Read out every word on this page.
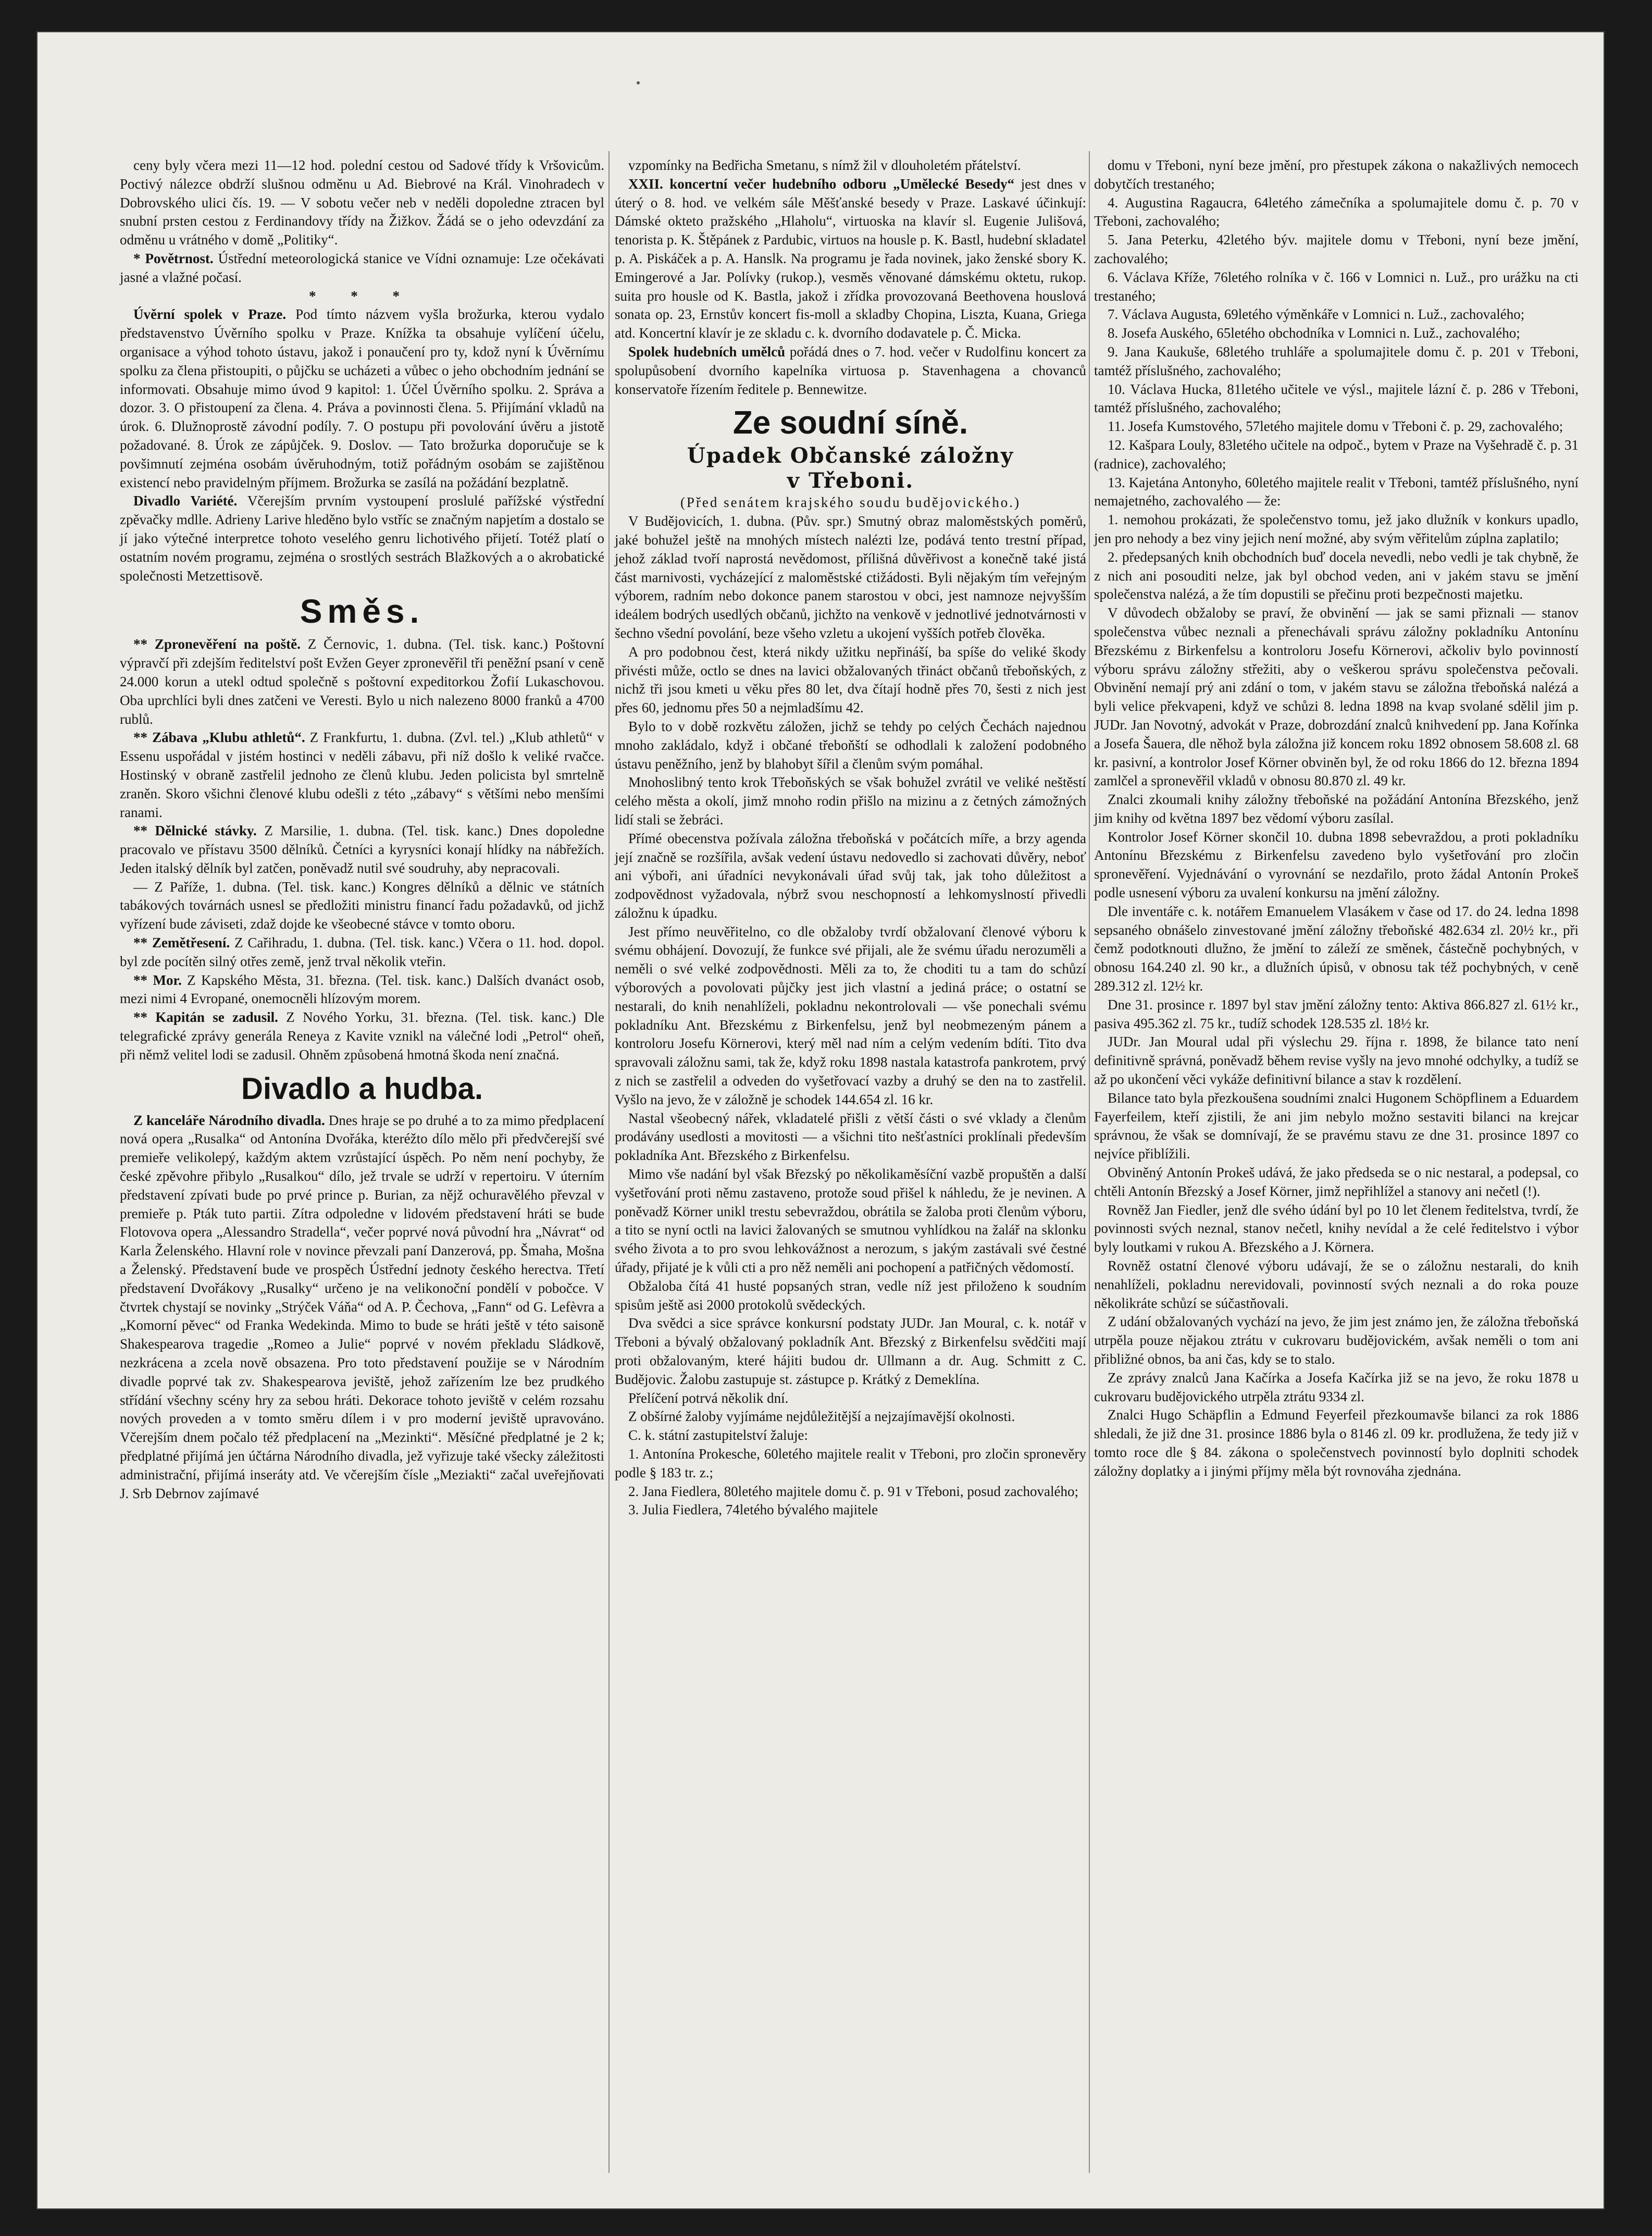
ceny byly včera mezi 11—12 hod. polední cestou od Sadové třídy k Vršovicům. Poctivý nálezce obdrží slušnou odměnu u Ad. Biebrové na Král. Vinohradech v Dobrovského ulici čís. 19. — V sobotu večer neb v neděli dopoledne ztracen byl snubní prsten cestou z Ferdinandovy třídy na Žižkov. Žádá se o jeho odevzdání za odměnu u vrátného v domě „Politiky“.

* Povětrnost. Ústřední meteorologická stanice ve Vídni oznamuje: Lze očekávati jasné a vlažné počasí.

* * *

Úvěrní spolek v Praze. Pod tímto názvem vyšla brožurka, kterou vydalo představenstvo Úvěrního spolku v Praze. Knížka ta obsahuje vylíčení účelu, organisace a výhod tohoto ústavu, jakož i ponaučení pro ty, kdož nyní k Úvěrnímu spolku za člena přistoupiti, o půjčku se ucházeti a vůbec o jeho obchodním jednání se informovati. Obsahuje mimo úvod 9 kapitol: 1. Účel Úvěrního spolku. 2. Správa a dozor. 3. O přistoupení za člena. 4. Práva a povinnosti člena. 5. Přijímání vkladů na úrok. 6. Dlužnoprostě závodní podíly. 7. O postupu při povolování úvěru a jistotě požadované. 8. Úrok ze zápůjček. 9. Doslov. — Tato brožurka doporučuje se k povšimnutí zejména osobám úvěruhodným, totiž pořádným osobám se zajištěnou existencí nebo pravidelným příjmem. Brožurka se zasílá na požádání bezplatně.

Divadlo Variété. Včerejším prvním vystoupení proslulé pařížské výstřední zpěvačky mdlle. Adrieny Larive hleděno bylo vstříc se značným napjetím a dostalo se jí jako výtečné interpretce tohoto veselého genru lichotivého přijetí. Totéž platí o ostatním novém programu, zejména o srostlých sestrách Blažkových a o akrobatické společnosti Metzettisově.

Směs.

** Zpronevěření na poště. Z Černovic, 1. dubna. (Tel. tisk. kanc.) Poštovní výpravčí při zdejším ředitelství pošt Evžen Geyer zpronevěřil tři peněžní psaní v ceně 24.000 korun a utekl odtud společně s poštovní expeditorkou Žofií Lukaschovou. Oba uprchlíci byli dnes zatčeni ve Veresti. Bylo u nich nalezeno 8000 franků a 4700 rublů.

** Zábava „Klubu athletů“. Z Frankfurtu, 1. dubna. (Zvl. tel.) „Klub athletů“ v Essenu uspořádal v jistém hostinci v neděli zábavu, při níž došlo k veliké rvačce. Hostinský v obraně zastřelil jednoho ze členů klubu. Jeden policista byl smrtelně zraněn. Skoro všichni členové klubu odešli z této „zábavy“ s většími nebo menšími ranami.

** Dělnické stávky. Z Marsilie, 1. dubna. (Tel. tisk. kanc.) Dnes dopoledne pracovalo ve přístavu 3500 dělníků. Četníci a kyrysníci konají hlídky na nábřežích. Jeden italský dělník byl zatčen, poněvadž nutil své soudruhy, aby nepracovali.

— Z Paříže, 1. dubna. (Tel. tisk. kanc.) Kongres dělníků a dělnic ve státních tabákových továrnách usnesl se předložiti ministru financí řadu požadavků, od jichž vyřízení bude záviseti, zdaž dojde ke všeobecné stávce v tomto oboru.

** Zemětřesení. Z Cařihradu, 1. dubna. (Tel. tisk. kanc.) Včera o 11. hod. dopol. byl zde pocítěn silný otřes země, jenž trval několik vteřin.

** Mor. Z Kapského Města, 31. března. (Tel. tisk. kanc.) Dalších dvanáct osob, mezi nimi 4 Evropané, onemocněli hlízovým morem.

** Kapitán se zadusil. Z Nového Yorku, 31. března. (Tel. tisk. kanc.) Dle telegrafické zprávy generála Reneya z Kavite vznikl na válečné lodi „Petrol“ oheň, při němž velitel lodi se zadusil. Ohněm způsobená hmotná škoda není značná.

Divadlo a hudba.

Z kanceláře Národního divadla. Dnes hraje se po druhé a to za mimo předplacení nová opera „Rusalka“ od Antonína Dvořáka, kteréžto dílo mělo při předvčerejší své premieře velikolepý, každým aktem vzrůstající úspěch. Po něm není pochyby, že české zpěvohre přibylo „Rusalkou“ dílo, jež trvale se udrží v repertoiru. V úterním představení zpívati bude po prvé prince p. Burian, za nějž ochuravělého převzal v premieře p. Pták tuto partii. Zítra odpoledne v lidovém představení hráti se bude Flotovova opera „Alessandro Stradella“, večer poprvé nová původní hra „Návrat“ od Karla Želenského. Hlavní role v novince převzali paní Danzerová, pp. Šmaha, Mošna a Želenský. Představení bude ve prospěch Ústřední jednoty českého herectva. Třetí představení Dvořákovy „Rusalky“ určeno je na velikonoční pondělí v pobočce. V čtvrtek chystají se novinky „Strýček Váňa“ od A. P. Čechova, „Fann“ od G. Lefèvra a „Komorní pěvec“ od Franka Wedekinda. Mimo to bude se hráti ještě v této saisoně Shakespearova tragedie „Romeo a Julie“ poprvé v novém překladu Sládkově, nezkrácena a zcela nově obsazena. Pro toto představení použije se v Národním divadle poprvé tak zv. Shakespearova jeviště, jehož zařízením lze bez prudkého střídání všechny scény hry za sebou hráti. Dekorace tohoto jeviště v celém rozsahu nových proveden a v tomto směru dílem i v pro moderní jeviště upravováno. Včerejším dnem počalo též předplacení na „Mezinkti“. Měsíčné předplatné je 2 k; předplatné přijímá jen účtárna Národního divadla, jež vyřizuje také všecky záležitosti administrační, přijímá inseráty atd. Ve včerejším čísle „Meziakti“ začal uveřejňovati J. Srb Debrnov zajímavé

vzpomínky na Bedřicha Smetanu, s nímž žil v dlouholetém přátelství.

XXII. koncertní večer hudebního odboru „Umělecké Besedy“ jest dnes v úterý o 8. hod. ve velkém sále Měšťanské besedy v Praze. Laskavé účinkují: Dámské okteto pražského „Hlaholu“, virtuoska na klavír sl. Eugenie Julišová, tenorista p. K. Štěpánek z Pardubic, virtuos na housle p. K. Bastl, hudební skladatel p. A. Piskáček a p. A. Hanslk. Na programu je řada novinek, jako ženské sbory K. Emingerové a Jar. Polívky (rukop.), vesměs věnované dámskému oktetu, rukop. suita pro housle od K. Bastla, jakož i zřídka provozovaná Beethovena houslová sonata op. 23, Ernstův koncert fis-moll a skladby Chopina, Liszta, Kuana, Griega atd. Koncertní klavír je ze skladu c. k. dvorního dodavatele p. Č. Micka.

Spolek hudebních umělců pořádá dnes o 7. hod. večer v Rudolfinu koncert za spolupůsobení dvorního kapelníka virtuosa p. Stavenhagena a chovanců konservatoře řízením ředitele p. Bennewitze.

Ze soudní síně.
Úpadek Občanské záložny
v Třeboni.

(Před senátem krajského soudu budějovického.)

V Budějovicích, 1. dubna. (Pův. spr.) Smutný obraz maloměstských poměrů, jaké bohužel ještě na mnohých místech nalézti lze, podává tento trestní případ, jehož základ tvoří naprostá nevědomost, přílišná důvěřivost a konečně také jistá část marnivosti, vycházející z maloměstské ctižádosti. Byli nějakým tím veřejným výborem, radním nebo dokonce panem starostou v obci, jest namnoze nejvyšším ideálem bodrých usedlých občanů, jichžto na venkově v jednotlivé jednotvárnosti v šechno všední povolání, beze všeho vzletu a ukojení vyšších potřeb člověka.

A pro podobnou čest, která nikdy užitku nepřináší, ba spíše do veliké škody přivésti může, octlo se dnes na lavici obžalovaných třináct občanů třeboňských, z nichž tři jsou kmeti u věku přes 80 let, dva čítají hodně přes 70, šesti z nich jest přes 60, jednomu přes 50 a nejmladšímu 42.

Bylo to v době rozkvětu záložen, jichž se tehdy po celých Čechách najednou mnoho zakládalo, když i občané třeboňští se odhodlali k založení podobného ústavu peněžního, jenž by blahobyt šířil a členům svým pomáhal.

Mnohoslibný tento krok Třeboňských se však bohužel zvrátil ve veliké neštěstí celého města a okolí, jimž mnoho rodin přišlo na mizinu a z četných zámožných lidí stali se žebráci.

Přímé obecenstva požívala záložna třeboňská v počátcích míře, a brzy agenda její značně se rozšířila, avšak vedení ústavu nedovedlo si zachovati důvěry, neboť ani výboři, ani úřadníci nevykonávali úřad svůj tak, jak toho důležitost a zodpovědnost vyžadovala, nýbrž svou neschopností a lehkomyslností přivedli záložnu k úpadku.

Jest přímo neuvěřitelno, co dle obžaloby tvrdí obžalovaní členové výboru k svému obhájení. Dovozují, že funkce své přijali, ale že svému úřadu nerozuměli a neměli o své velké zodpovědnosti. Měli za to, že choditi tu a tam do schůzí výborových a povolovati půjčky jest jich vlastní a jediná práce; o ostatní se nestarali, do knih nenahlíželi, pokladnu nekontrolovali — vše ponechali svému pokladníku Ant. Březskému z Birkenfelsu, jenž byl neobmezeným pánem a kontroloru Josefu Körnerovi, který měl nad ním a celým vedením bdíti. Tito dva spravovali záložnu sami, tak že, když roku 1898 nastala katastrofa pankrotem, prvý z nich se zastřelil a odveden do vyšetřovací vazby a druhý se den na to zastřelil. Vyšlo na jevo, že v záložně je schodek 144.654 zl. 16 kr.

Nastal všeobecný nářek, vkladatelé přišli z větší části o své vklady a členům prodávány usedlosti a movitosti — a všichni tito nešťastníci proklínali především pokladníka Ant. Březského z Birkenfelsu.

Mimo vše nadání byl však Březský po několikaměsíční vazbě propuštěn a další vyšetřování proti němu zastaveno, protože soud přišel k náhledu, že je nevinen. A poněvadž Körner unikl trestu sebevraždou, obrátila se žaloba proti členům výboru, a tito se nyní octli na lavici žalovaných se smutnou vyhlídkou na žalář na sklonku svého života a to pro svou lehkovážnost a nerozum, s jakým zastávali své čestné úřady, přijaté je k vůli cti a pro něž neměli ani pochopení a patřičných vědomostí.

Obžaloba čítá 41 husté popsaných stran, vedle níž jest přiloženo k soudním spisům ještě asi 2000 protokolů svědeckých.

Dva svědci a sice správce konkursní podstaty JUDr. Jan Moural, c. k. notář v Třeboni a bývalý obžalovaný pokladník Ant. Březský z Birkenfelsu svědčiti mají proti obžalovaným, které hájiti budou dr. Ullmann a dr. Aug. Schmitt z C. Budějovic. Žalobu zastupuje st. zástupce p. Krátký z Demeklína.

Přelíčení potrvá několik dní.

Z obšírné žaloby vyjímáme nejdůležitější a nejzajímavější okolnosti.

C. k. státní zastupitelství žaluje:

1. Antonína Prokesche, 60letého majitele realit v Třeboni, pro zločin spronevěry podle § 183 tr. z.;

2. Jana Fiedlera, 80letého majitele domu č. p. 91 v Třeboni, posud zachovalého;

3. Julia Fiedlera, 74letého bývalého majitele

domu v Třeboni, nyní beze jmění, pro přestupek zákona o nakažlivých nemocech dobytčích trestaného;

4. Augustina Ragaucra, 64letého zámečníka a spolumajitele domu č. p. 70 v Třeboni, zachovalého;

5. Jana Peterku, 42letého býv. majitele domu v Třeboni, nyní beze jmění, zachovalého;

6. Václava Kříže, 76letého rolníka v č. 166 v Lomnici n. Luž., pro urážku na cti trestaného;

7. Václava Augusta, 69letého výměnkáře v Lomnici n. Luž., zachovalého;

8. Josefa Auského, 65letého obchodníka v Lomnici n. Luž., zachovalého;

9. Jana Kaukuše, 68letého truhláře a spolumajitele domu č. p. 201 v Třeboni, tamtéž příslušného, zachovalého;

10. Václava Hucka, 81letého učitele ve výsl., majitele lázní č. p. 286 v Třeboni, tamtéž příslušného, zachovalého;

11. Josefa Kumstového, 57letého majitele domu v Třeboni č. p. 29, zachovalého;

12. Kašpara Louly, 83letého učitele na odpoč., bytem v Praze na Vyšehradě č. p. 31 (radnice), zachovalého;

13. Kajetána Antonyho, 60letého majitele realit v Třeboni, tamtéž příslušného, nyní nemajetného, zachovalého — že:

1. nemohou prokázati, že společenstvo tomu, jež jako dlužník v konkurs upadlo, jen pro nehody a bez viny jejich není možné, aby svým věřitelům zúplna zaplatilo;

2. předepsaných knih obchodních buď docela nevedli, nebo vedli je tak chybně, že z nich ani posouditi nelze, jak byl obchod veden, ani v jakém stavu se jmění společenstva nalézá, a že tím dopustili se přečinu proti bezpečnosti majetku.

V důvodech obžaloby se praví, že obvinění — jak se sami přiznali — stanov společenstva vůbec neznali a přenechávali správu záložny pokladníku Antonínu Březskému z Birkenfelsu a kontroloru Josefu Körnerovi, ačkoliv bylo povinností výboru správu záložny střežiti, aby o veškerou správu společenstva pečovali. Obvinění nemají prý ani zdání o tom, v jakém stavu se záložna třeboňská nalézá a byli velice překvapeni, když ve schůzi 8. ledna 1898 na kvap svolané sdělil jim p. JUDr. Jan Novotný, advokát v Praze, dobrozdání znalců knihvedení pp. Jana Kořínka a Josefa Šauera, dle něhož byla záložna již koncem roku 1892 obnosem 58.608 zl. 68 kr. pasivní, a kontrolor Josef Körner obviněn byl, že od roku 1866 do 12. března 1894 zamlčel a spronevěřil vkladů v obnosu 80.870 zl. 49 kr.

Znalci zkoumali knihy záložny třeboňské na požádání Antonína Březského, jenž jim knihy od května 1897 bez vědomí výboru zasílal.

Kontrolor Josef Körner skončil 10. dubna 1898 sebevraždou, a proti pokladníku Antonínu Březskému z Birkenfelsu zavedeno bylo vyšetřování pro zločin spronevěření. Vyjednávání o vyrovnání se nezdařilo, proto žádal Antonín Prokeš podle usnesení výboru za uvalení konkursu na jmění záložny.

Dle inventáře c. k. notářem Emanuelem Vlasákem v čase od 17. do 24. ledna 1898 sepsaného obnášelo zinvestované jmění záložny třeboňské 482.634 zl. 20½ kr., při čemž podotknouti dlužno, že jmění to záleží ze směnek, částečně pochybných, v obnosu 164.240 zl. 90 kr., a dlužních úpisů, v obnosu tak též pochybných, v ceně 289.312 zl. 12½ kr.

Dne 31. prosince r. 1897 byl stav jmění záložny tento: Aktiva 866.827 zl. 61½ kr., pasiva 495.362 zl. 75 kr., tudíž schodek 128.535 zl. 18½ kr.

JUDr. Jan Moural udal při výslechu 29. října r. 1898, že bilance tato není definitivně správná, poněvadž během revise vyšly na jevo mnohé odchylky, a tudíž se až po ukončení věci vykáže definitivní bilance a stav k rozdělení.

Bilance tato byla přezkoušena soudními znalci Hugonem Schöpflinem a Eduardem Fayerfeilem, kteří zjistili, že ani jim nebylo možno sestaviti bilanci na krejcar správnou, že však se domnívají, že se pravému stavu ze dne 31. prosince 1897 co nejvíce přiblížili.

Obviněný Antonín Prokeš udává, že jako předseda se o nic nestaral, a podepsal, co chtěli Antonín Březský a Josef Körner, jimž nepřihlížel a stanovy ani nečetl (!).

Rovněž Jan Fiedler, jenž dle svého údání byl po 10 let členem ředitelstva, tvrdí, že povinnosti svých neznal, stanov nečetl, knihy nevídal a že celé ředitelstvo i výbor byly loutkami v rukou A. Březského a J. Körnera.

Rovněž ostatní členové výboru udávají, že se o záložnu nestarali, do knih nenahlíželi, pokladnu nerevidovali, povinností svých neznali a do roka pouze několikráte schůzí se súčastňovali.

Z udání obžalovaných vychází na jevo, že jim jest známo jen, že záložna třeboňská utrpěla pouze nějakou ztrátu v cukrovaru budějovickém, avšak neměli o tom ani přibližné obnos, ba ani čas, kdy se to stalo.

Ze zprávy znalců Jana Kačírka a Josefa Kačírka již se na jevo, že roku 1878 u cukrovaru budějovického utrpěla ztrátu 9334 zl.

Znalci Hugo Schäpflin a Edmund Feyerfeil přezkoumavše bilanci za rok 1886 shledali, že již dne 31. prosince 1886 byla o 8146 zl. 09 kr. prodlužena, že tedy již v tomto roce dle § 84. zákona o společenstvech povinností bylo doplniti schodek záložny doplatky a i jinými příjmy měla být rovnováha zjednána.
